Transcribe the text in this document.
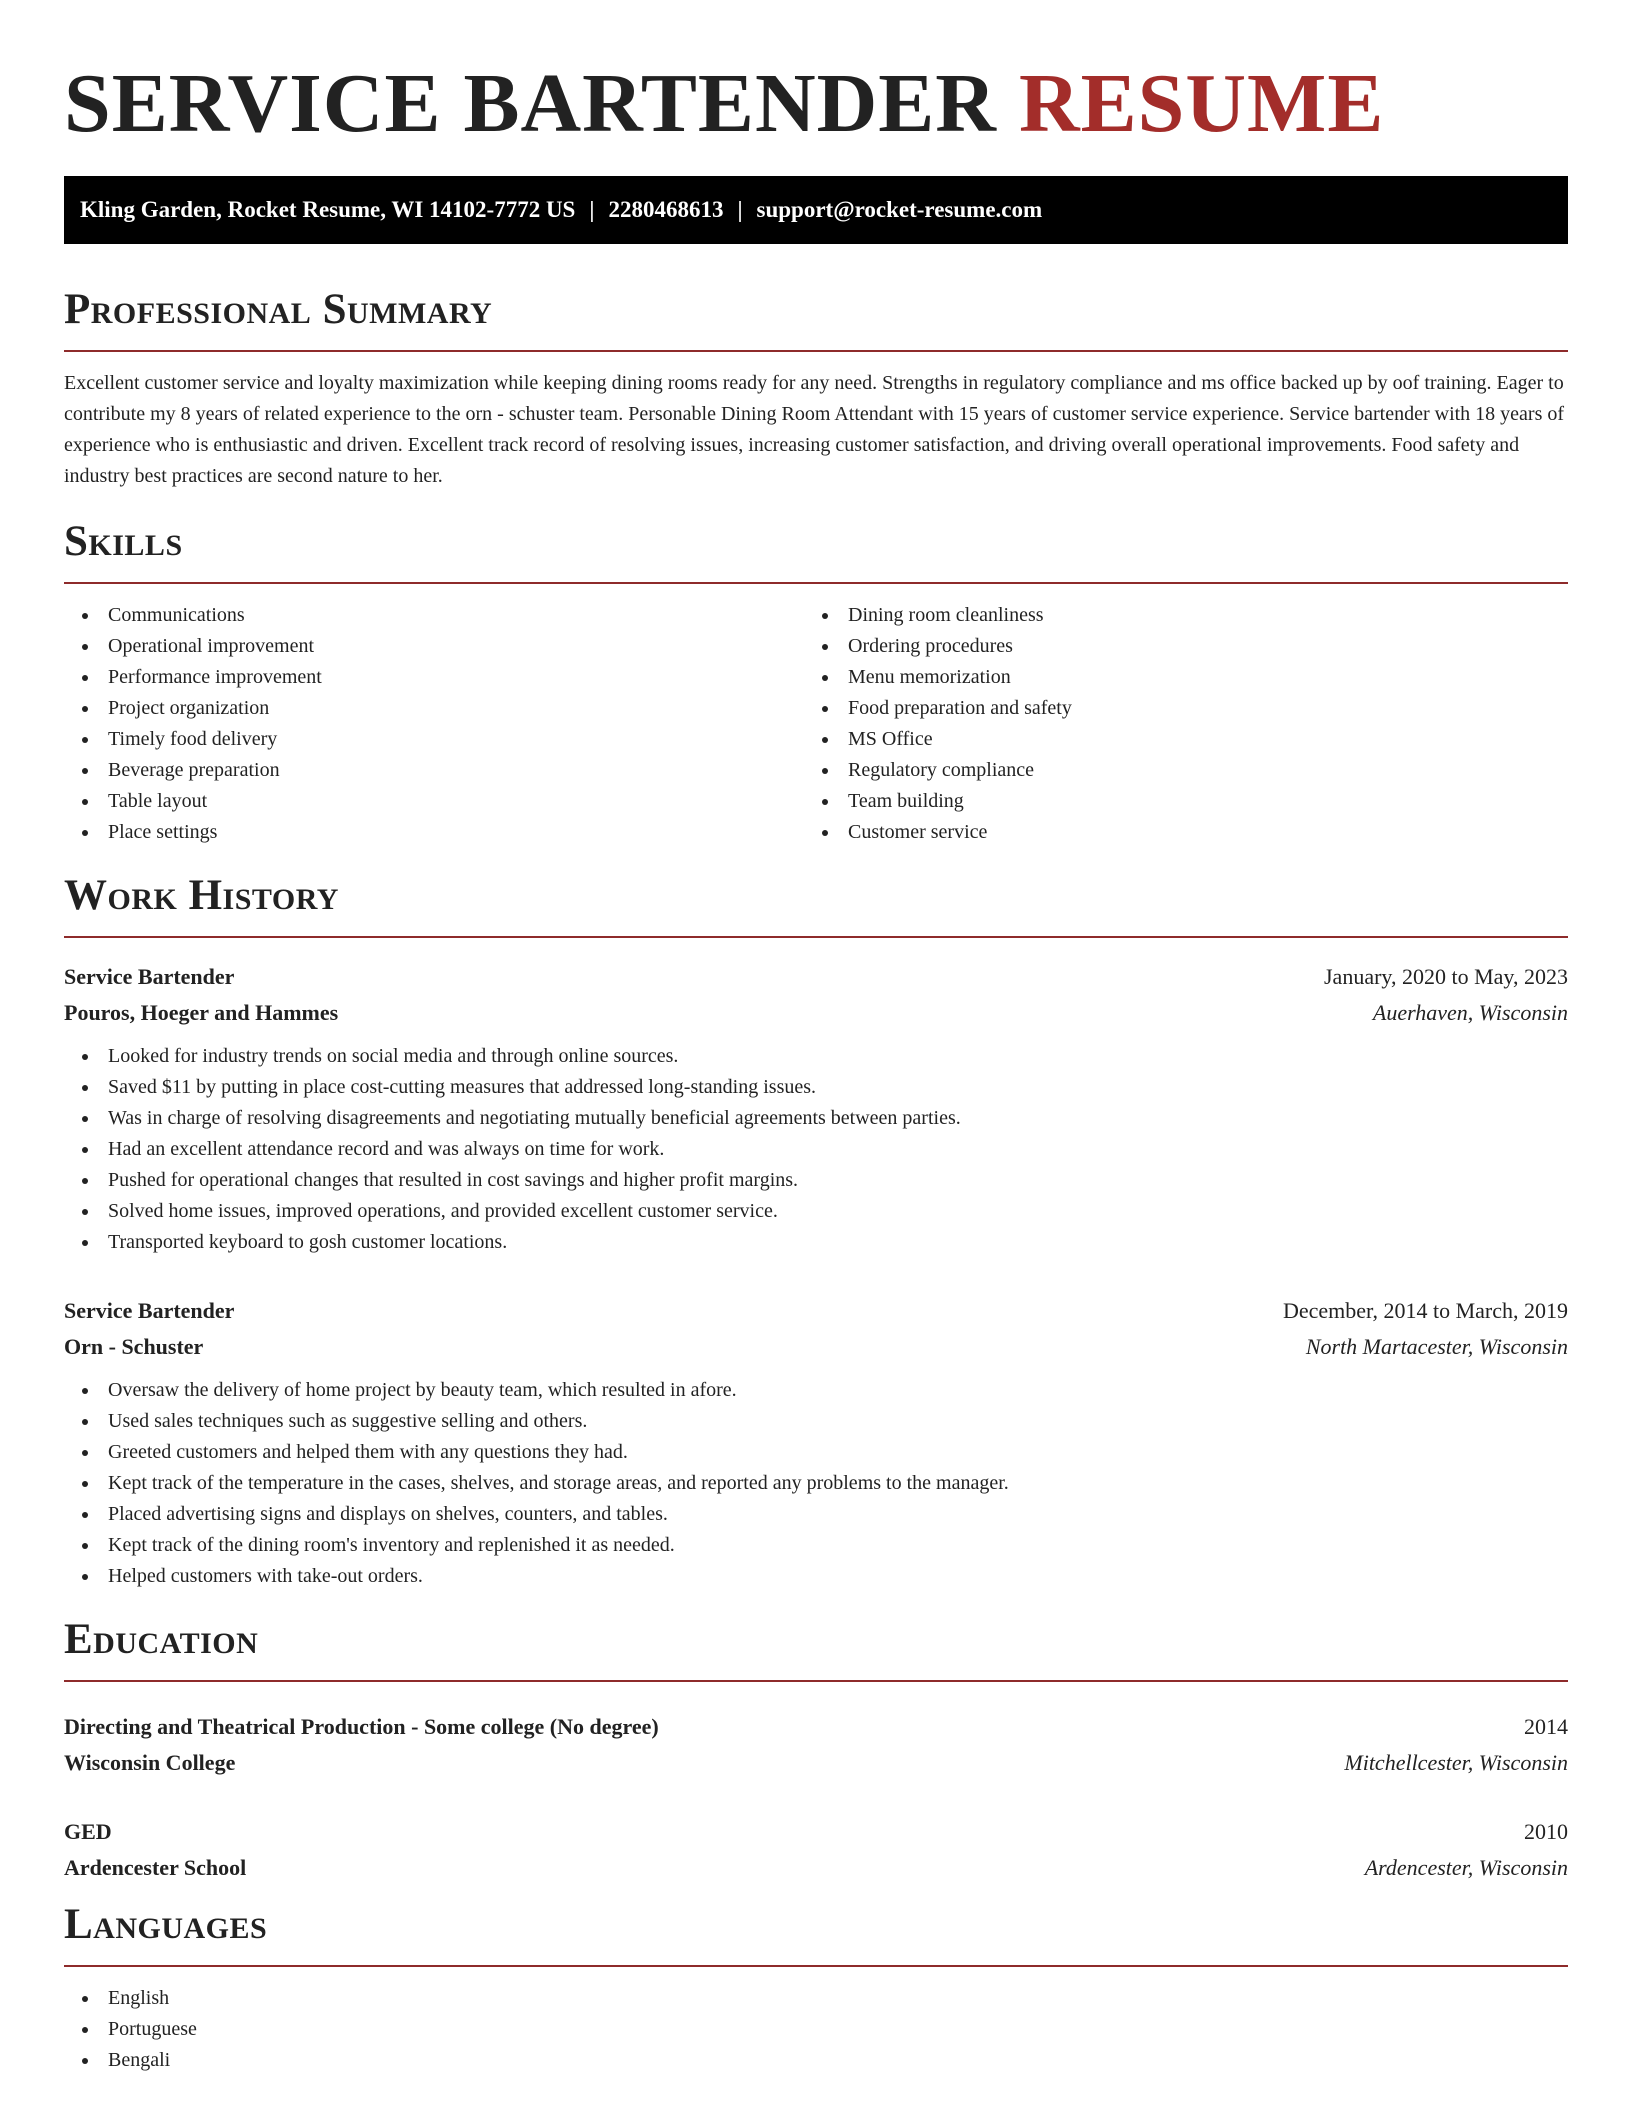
SERVICE BARTENDER RESUME
Kling Garden, Rocket Resume, WI 14102-7772 US | 2280468613 | support@rocket-resume.com
Professional Summary

Excellent customer service and loyalty maximization while keeping dining rooms ready for any need. Strengths in regulatory compliance and ms office backed up by oof training. Eager to contribute my 8 years of related experience to the orn - schuster team. Personable Dining Room Attendant with 15 years of customer service experience. Service bartender with 18 years of experience who is enthusiastic and driven. Excellent track record of resolving issues, increasing customer satisfaction, and driving overall operational improvements. Food safety and industry best practices are second nature to her.

Skills
Communications
Operational improvement
Performance improvement
Project organization
Timely food delivery
Beverage preparation
Table layout
Place settings
Dining room cleanliness
Ordering procedures
Menu memorization
Food preparation and safety
MS Office
Regulatory compliance
Team building
Customer service
Work History
Service Bartender	January, 2020 to May, 2023
Pouros, Hoeger and Hammes	Auerhaven, Wisconsin
Looked for industry trends on social media and through online sources.
Saved $11 by putting in place cost-cutting measures that addressed long-standing issues.
Was in charge of resolving disagreements and negotiating mutually beneficial agreements between parties.
Had an excellent attendance record and was always on time for work.
Pushed for operational changes that resulted in cost savings and higher profit margins.
Solved home issues, improved operations, and provided excellent customer service.
Transported keyboard to gosh customer locations.
Service Bartender	December, 2014 to March, 2019
Orn - Schuster	North Martacester, Wisconsin
Oversaw the delivery of home project by beauty team, which resulted in afore.
Used sales techniques such as suggestive selling and others.
Greeted customers and helped them with any questions they had.
Kept track of the temperature in the cases, shelves, and storage areas, and reported any problems to the manager.
Placed advertising signs and displays on shelves, counters, and tables.
Kept track of the dining room's inventory and replenished it as needed.
Helped customers with take-out orders.
Education
Directing and Theatrical Production - Some college (No degree)	2014
Wisconsin College	Mitchellcester, Wisconsin
GED	2010
Ardencester School	Ardencester, Wisconsin
Languages
English
Portuguese
Bengali
